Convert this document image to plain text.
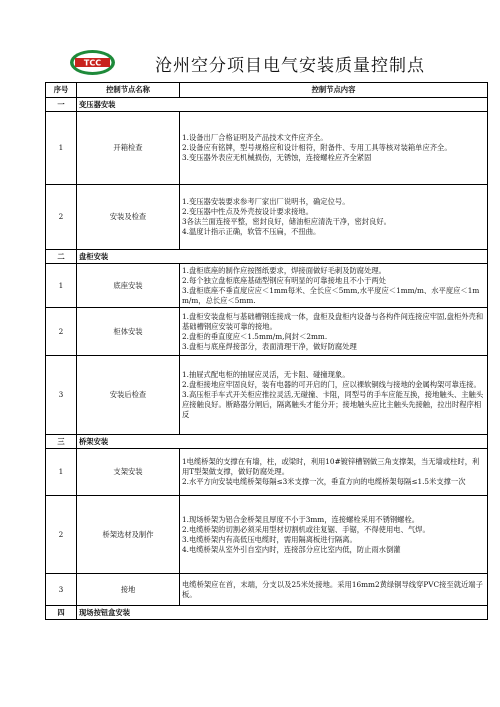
TCC	沧州空分项目电气安装质量控制点
序号	控制节点名称	控制节点内容
一	变压器安装	
1	开箱检查	1.设备出厂合格证明及产品技术文件应齐全。
2.设备应有铭牌，型号规格应和设计相符，附备件、专用工具等核对装箱单应齐全。
3.变压器外表应无机械损伤，无锈蚀，连接螺栓应齐全紧固

2	安装及检查	1.变压器安装要求参考厂家出厂说明书，确定位号。
2.变压器中性点及外壳按设计要求接地。
3各法兰面连接平整，密封良好，储油柜应清洗干净，密封良好。
4.温度计指示正确，软管不压扁，不扭曲。

二	盘柜安装	
1	底座安装	1.盘柜底座的制作应按图纸要求，焊接面做好毛刺及防腐处理。
2.每个独立盘柜底座基础型钢应有明显的可靠接地且不小于两处
3.盘柜底座不垂直度应应＜1mm每米、全长应＜5mm,水平度应＜1mm/m、水平度应＜1mm/m，总长应＜5mm.

2	柜体安装	1.盘柜安装盘柜与基础槽钢连接成一体，盘柜及盘柜内设备与各构件间连接应牢固,盘柜外壳和基础槽钢应安装可靠的接地。
2.盘柜的垂直度应＜1.5mm/m,间封＜2mm.
3.盘柜与底座焊接部分，表面清理干净，做好防腐处理

3	安装后检查	1.抽屉式配电柜的抽屉应灵活，无卡阻、碰撞现象。
2.盘柜接地应牢固良好，装有电器的可开启的门，应以裸软铜线与接地的金属构架可靠连接。
3.高压柜手车式开关柜应推拉灵活,无碰撞、卡阻，同型号的手车应能互换，接地触头、主触头应接触良好。断路器分闸后，隔离触头才能分开；接地触头应比主触头先接触，拉出时程序相反

三	桥架安装	
1	支架安装	1电缆桥架的支撑在有墙，柱，或梁时，利用10#镀锌槽钢做三角支撑架，当无墙或柱时，利用T型架做支撑，做好防腐处理。
2.水平方向安装电缆桥架每隔≤3米支撑一次，垂直方向的电缆桥架每隔≤1.5米支撑一次

2	桥架选材及制作	1.现场桥架为铝合金桥架且厚度不小于3mm，连接螺栓采用不锈钢螺栓。
2.电缆桥架的切割必须采用型材切割机或往复锯、手锯，不得使用电、气焊。
3.电缆桥架内有高低压电缆时，需用隔离板进行隔离。
4.电缆桥架从室外引自室内时，连接部分应比室内低，防止雨水倒灌

3	接地	电缆桥架应在首，末端，分支以及25米处接地。采用16mm2黄绿铜导线穿PVC接至就近端子板。

四	现场按钮盒安装	
